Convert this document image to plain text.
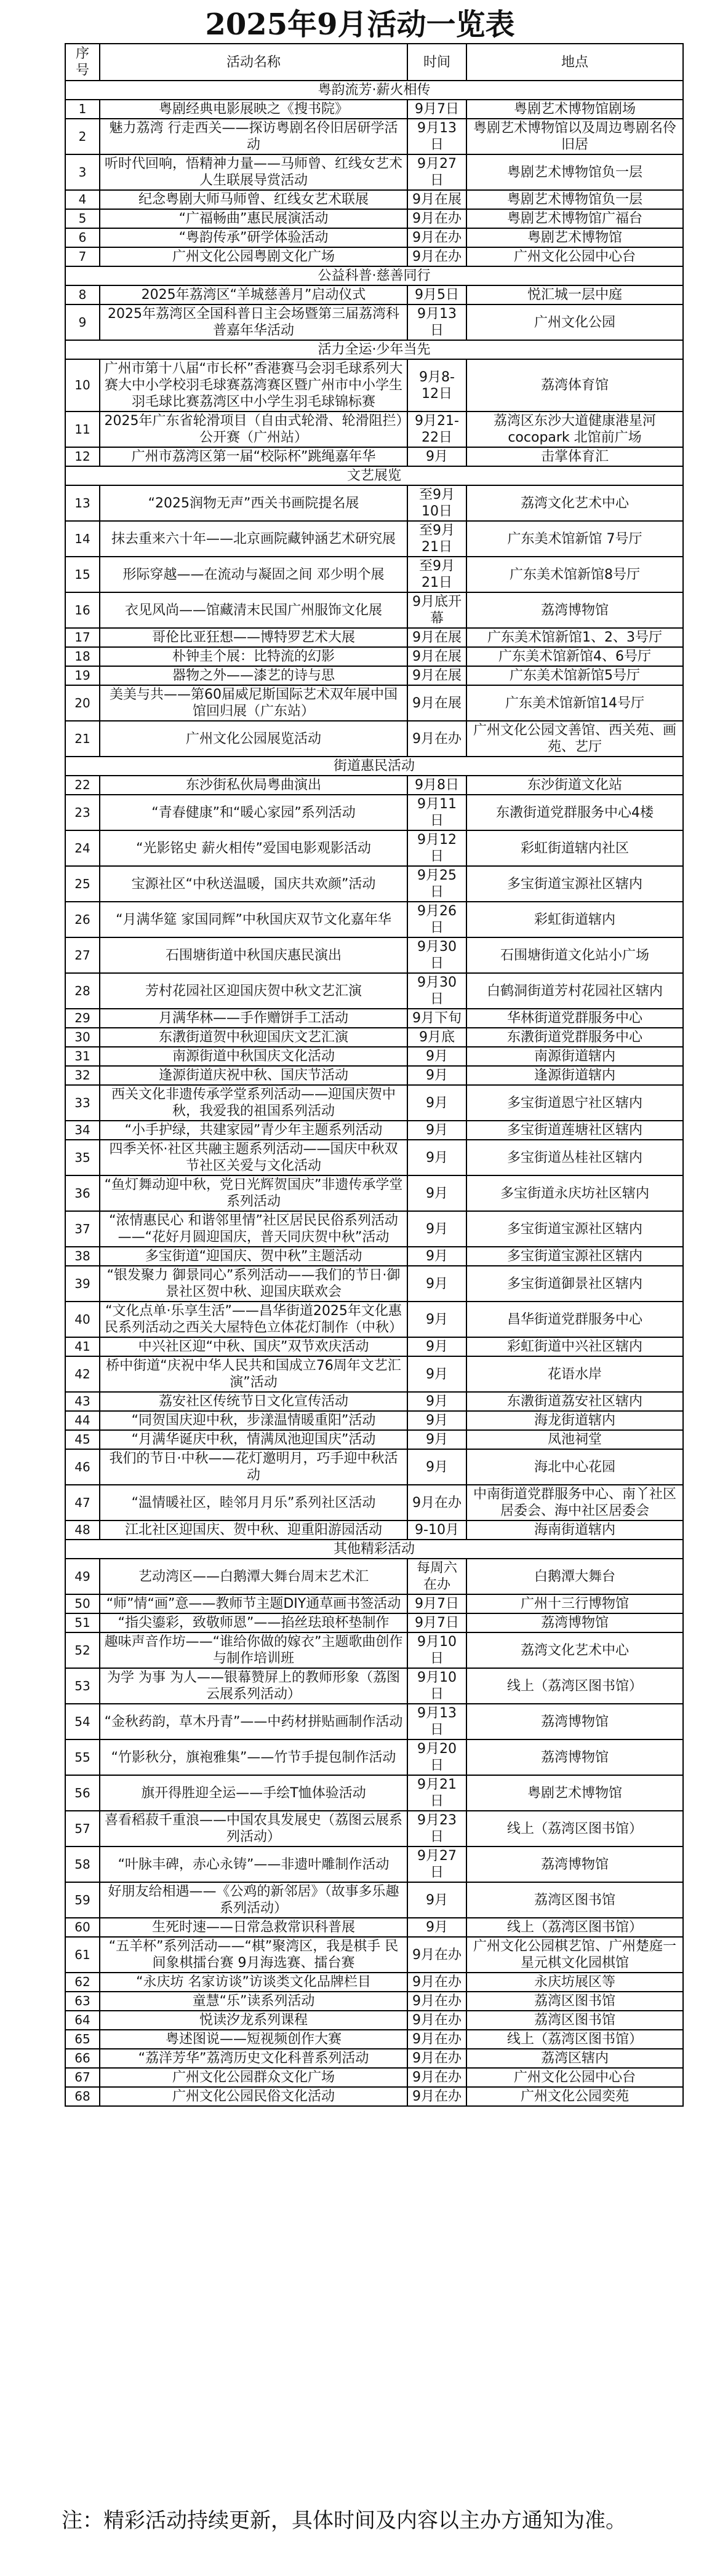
2025年9月活动一览表
序号	活动名称	时间	地点
粤韵流芳·薪火相传			
1	粤剧经典电影展映之《搜书院》	9月7日	粤剧艺术博物馆剧场
2	魅力荔湾 行走西关——探访粤剧名伶旧居研学活动	9月13日	粤剧艺术博物馆以及周边粤剧名伶旧居
3	听时代回响，悟精神力量——马师曾、红线女艺术人生联展导赏活动	9月27日	粤剧艺术博物馆负一层
4	纪念粤剧大师马师曾、红线女艺术联展	9月在展	粤剧艺术博物馆负一层
5	“广福畅曲”惠民展演活动	9月在办	粤剧艺术博物馆广福台
6	“粤韵传承”研学体验活动	9月在办	粤剧艺术博物馆
7	广州文化公园粤剧文化广场	9月在办	广州文化公园中心台
公益科普·慈善同行			
8	2025年荔湾区“羊城慈善月”启动仪式	9月5日	悦汇城一层中庭
9	2025年荔湾区全国科普日主会场暨第三届荔湾科普嘉年华活动	9月13日	广州文化公园
活力全运·少年当先			
10	广州市第十八届“市长杯”香港赛马会羽毛球系列大赛大中小学校羽毛球赛荔湾赛区暨广州市中小学生羽毛球比赛荔湾区中小学生羽毛球锦标赛	9月8-12日	荔湾体育馆
11	2025年广东省轮滑项目（自由式轮滑、轮滑阻拦）公开赛（广州站）	9月21-22日	荔湾区东沙大道健康港星河cocopark 北馆前广场
12	广州市荔湾区第一届“校际杯”跳绳嘉年华	9月	击掌体育汇
文艺展览			
13	“2025润物无声”西关书画院提名展	至9月10日	荔湾文化艺术中心
14	抹去重来六十年——北京画院藏钟涵艺术研究展	至9月21日	广东美术馆新馆 7号厅
15	形际穿越——在流动与凝固之间 邓少明个展	至9月21日	广东美术馆新馆8号厅
16	衣见风尚——馆藏清末民国广州服饰文化展	9月底开幕	荔湾博物馆
17	哥伦比亚狂想——博特罗艺术大展	9月在展	广东美术馆新馆1、2、3号厅
18	朴钟圭个展：比特流的幻影	9月在展	广东美术馆新馆4、6号厅
19	器物之外——漆艺的诗与思	9月在展	广东美术馆新馆5号厅
20	美美与共——第60届威尼斯国际艺术双年展中国馆回归展（广东站）	9月在展	广东美术馆新馆14号厅
21	广州文化公园展览活动	9月在办	广州文化公园文善馆、西关苑、画苑、艺厅
街道惠民活动			
22	东沙街私伙局粤曲演出	9月8日	东沙街道文化站
23	“青春健康”和“暖心家园”系列活动	9月11日	东漖街道党群服务中心4楼
24	“光影铭史 薪火相传”爱国电影观影活动	9月12日	彩虹街道辖内社区
25	宝源社区“中秋送温暖，国庆共欢颜”活动	9月25日	多宝街道宝源社区辖内
26	“月满华筵 家国同辉”中秋国庆双节文化嘉年华	9月26日	彩虹街道辖内
27	石围塘街道中秋国庆惠民演出	9月30日	石围塘街道文化站小广场
28	芳村花园社区迎国庆贺中秋文艺汇演	9月30日	白鹤洞街道芳村花园社区辖内
29	月满华林——手作赠饼手工活动	9月下旬	华林街道党群服务中心
30	东漖街道贺中秋迎国庆文艺汇演	9月底	东漖街道党群服务中心
31	南源街道中秋国庆文化活动	9月	南源街道辖内
32	逢源街道庆祝中秋、国庆节活动	9月	逢源街道辖内
33	西关文化非遗传承学堂系列活动——迎国庆贺中秋，我爱我的祖国系列活动	9月	多宝街道恩宁社区辖内
34	“小手护绿，共建家园”青少年主题系列活动	9月	多宝街道莲塘社区辖内
35	四季关怀·社区共融主题系列活动——国庆中秋双节社区关爱与文化活动	9月	多宝街道丛桂社区辖内
36	“鱼灯舞动迎中秋，党日光辉贺国庆”非遗传承学堂系列活动	9月	多宝街道永庆坊社区辖内
37	“浓情惠民心 和谐邻里情”社区居民民俗系列活动——“花好月圆迎国庆，普天同庆贺中秋”活动	9月	多宝街道宝源社区辖内
38	多宝街道“迎国庆、贺中秋”主题活动	9月	多宝街道宝源社区辖内
39	“银发聚力 御景同心”系列活动——我们的节日·御景社区贺中秋、迎国庆联欢会	9月	多宝街道御景社区辖内
40	“文化点单·乐享生活”——昌华街道2025年文化惠民系列活动之西关大屋特色立体花灯制作（中秋）	9月	昌华街道党群服务中心
41	中兴社区迎“中秋、国庆”双节欢庆活动	9月	彩虹街道中兴社区辖内
42	桥中街道“庆祝中华人民共和国成立76周年文艺汇演”活动	9月	花语水岸
43	荔安社区传统节日文化宣传活动	9月	东漖街道荔安社区辖内
44	“同贺国庆迎中秋，步漾温情暖重阳”活动	9月	海龙街道辖内
45	“月满华诞庆中秋，情满凤池迎国庆”活动	9月	凤池祠堂
46	我们的节日·中秋——花灯邀明月，巧手迎中秋活动	9月	海北中心花园
47	“温情暖社区，睦邻月月乐”系列社区活动	9月在办	中南街道党群服务中心、南丫社区居委会、海中社区居委会
48	江北社区迎国庆、贺中秋、迎重阳游园活动	9-10月	海南街道辖内
其他精彩活动			
49	艺动湾区——白鹅潭大舞台周末艺术汇	每周六在办	白鹅潭大舞台
50	“师”情“画”意——教师节主题DIY通草画书签活动	9月7日	广州十三行博物馆
51	“指尖鎏彩，致敬师恩”——掐丝珐琅杯垫制作	9月7日	荔湾博物馆
52	趣味声音作坊——“谁给你做的嫁衣”主题歌曲创作与制作培训班	9月10日	荔湾文化艺术中心
53	为学 为事 为人——银幕赞屏上的教师形象（荔图云展系列活动）	9月10日	线上（荔湾区图书馆）
54	“金秋药韵，草木丹青”——中药材拼贴画制作活动	9月13日	荔湾博物馆
55	“竹影秋分，旗袍雅集”——竹节手提包制作活动	9月20日	荔湾博物馆
56	旗开得胜迎全运——手绘T恤体验活动	9月21日	粤剧艺术博物馆
57	喜看稻菽千重浪——中国农具发展史（荔图云展系列活动）	9月23日	线上（荔湾区图书馆）
58	“叶脉丰碑，赤心永铸”——非遗叶雕制作活动	9月27日	荔湾博物馆
59	好朋友给相遇——《公鸡的新邻居》（故事多乐趣系列活动）	9月	荔湾区图书馆
60	生死时速——日常急救常识科普展	9月	线上（荔湾区图书馆）
61	“五羊杯”系列活动——“棋”聚湾区，我是棋手 民间象棋擂台赛 9月海选赛、擂台赛	9月在办	广州文化公园棋艺馆、广州楚庭一星元棋文化园棋馆
62	“永庆坊 名家访谈”访谈类文化品牌栏目	9月在办	永庆坊展区等
63	童慧“乐”读系列活动	9月在办	荔湾区图书馆
64	悦读汐龙系列课程	9月在办	荔湾区图书馆
65	粤述图说——短视频创作大赛	9月在办	线上（荔湾区图书馆）
66	“荔洋芳华”荔湾历史文化科普系列活动	9月在办	荔湾区辖内
67	广州文化公园群众文化广场	9月在办	广州文化公园中心台
68	广州文化公园民俗文化活动	9月在办	广州文化公园奕苑
注：精彩活动持续更新，具体时间及内容以主办方通知为准。
